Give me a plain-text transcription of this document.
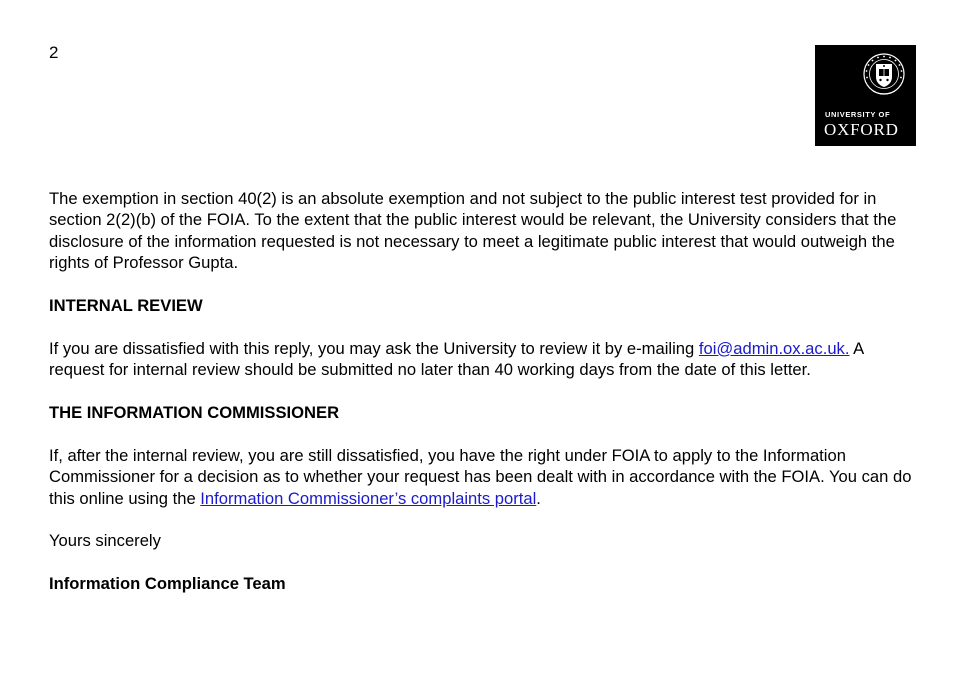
2
UNIVERSITY OF
OXFORD

The exemption in section 40(2) is an absolute exemption and not subject to the public interest test provided for in section 2(2)(b) of the FOIA. To the extent that the public interest would be relevant, the University considers that the disclosure of the information requested is not necessary to meet a legitimate public interest that would outweigh the rights of Professor Gupta.

INTERNAL REVIEW

If you are dissatisfied with this reply, you may ask the University to review it by e-mailing foi@admin.ox.ac.uk. A request for internal review should be submitted no later than 40 working days from the date of this letter.

THE INFORMATION COMMISSIONER

If, after the internal review, you are still dissatisfied, you have the right under FOIA to apply to the Information Commissioner for a decision as to whether your request has been dealt with in accordance with the FOIA. You can do this online using the Information Commissioner’s complaints portal.

Yours sincerely

Information Compliance Team
